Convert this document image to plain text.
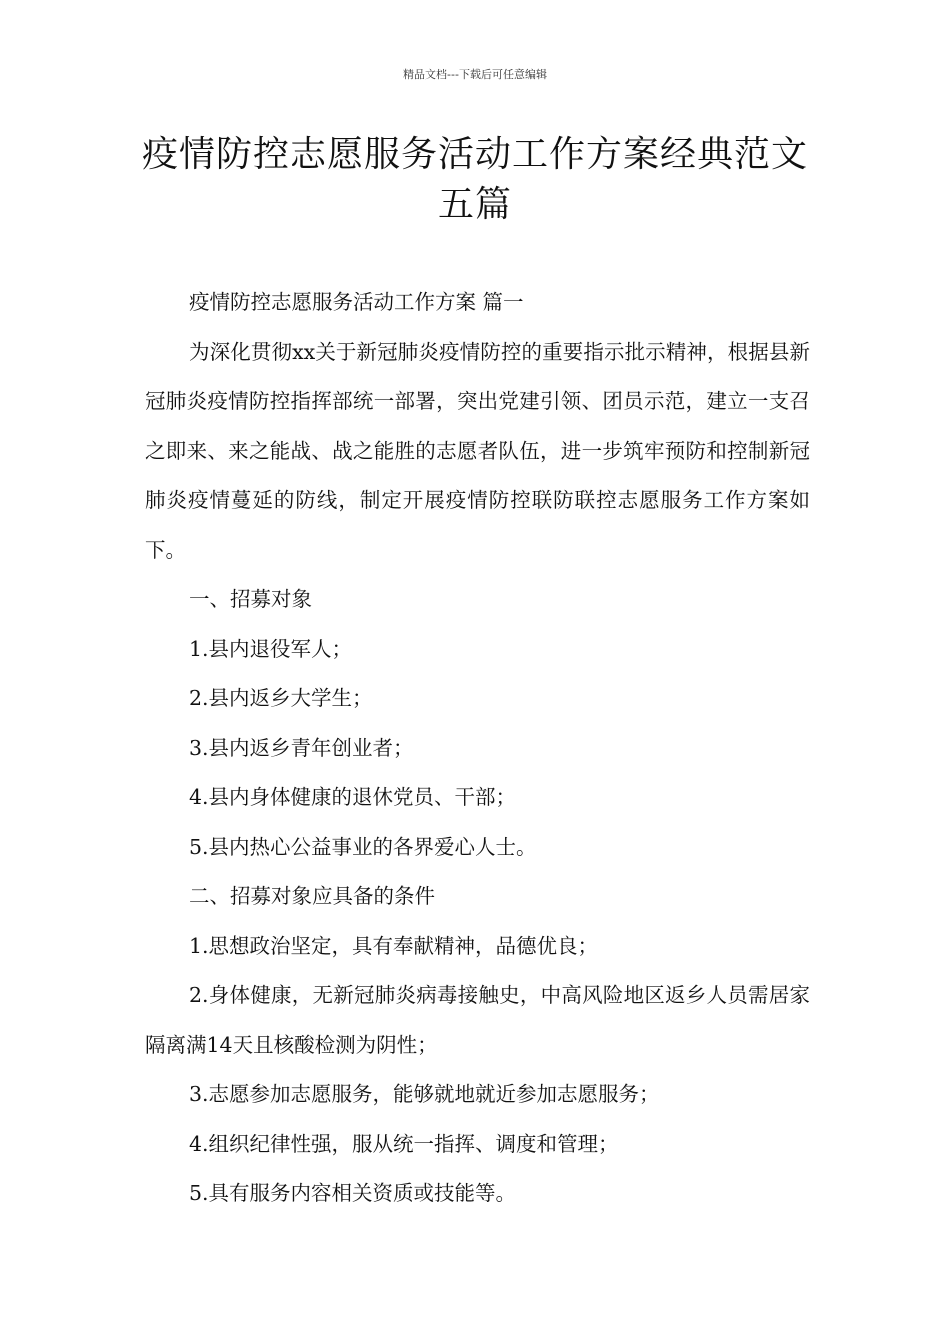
精品文档---下载后可任意编辑
疫情防控志愿服务活动工作方案经典范文五篇

疫情防控志愿服务活动工作方案 篇一

为深化贯彻xx关于新冠肺炎疫情防控的重要指示批示精神，根据县新冠肺炎疫情防控指挥部统一部署，突出党建引领、团员示范，建立一支召之即来、来之能战、战之能胜的志愿者队伍，进一步筑牢预防和控制新冠肺炎疫情蔓延的防线，制定开展疫情防控联防联控志愿服务工作方案如下。

一、招募对象

1.县内退役军人；

2.县内返乡大学生；

3.县内返乡青年创业者；

4.县内身体健康的退休党员、干部；

5.县内热心公益事业的各界爱心人士。

二、招募对象应具备的条件

1.思想政治坚定，具有奉献精神，品德优良；

2.身体健康，无新冠肺炎病毒接触史，中高风险地区返乡人员需居家隔离满14天且核酸检测为阴性；

3.志愿参加志愿服务，能够就地就近参加志愿服务；

4.组织纪律性强，服从统一指挥、调度和管理；

5.具有服务内容相关资质或技能等。
